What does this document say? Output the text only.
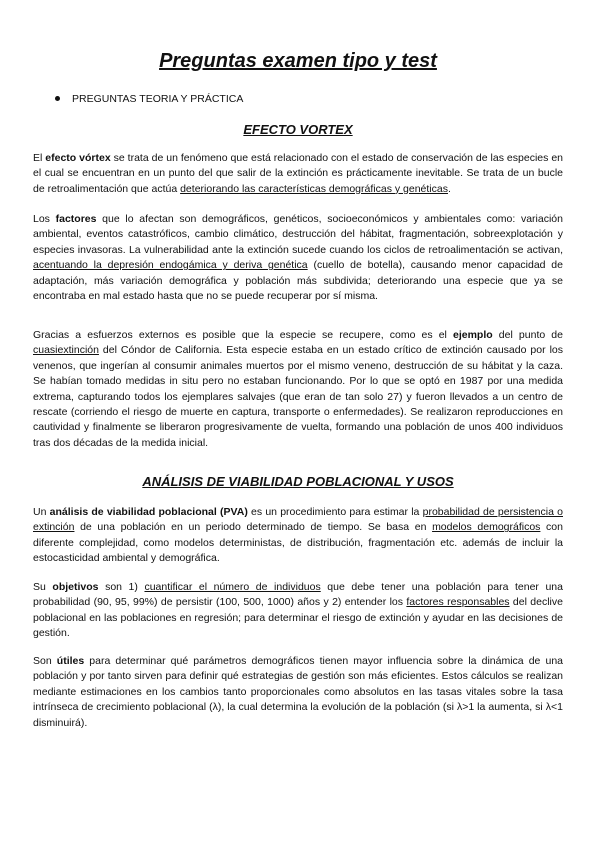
Preguntas examen tipo y test
PREGUNTAS TEORIA Y PRÁCTICA
EFECTO VORTEX

El efecto vórtex se trata de un fenómeno que está relacionado con el estado de conservación de las especies en el cual se encuentran en un punto del que salir de la extinción es prácticamente inevitable. Se trata de un bucle de retroalimentación que actúa deteriorando las características demográficas y genéticas.

Los factores que lo afectan son demográficos, genéticos, socioeconómicos y ambientales como: variación ambiental, eventos catastróficos, cambio climático, destrucción del hábitat, fragmentación, sobreexplotación y especies invasoras. La vulnerabilidad ante la extinción sucede cuando los ciclos de retroalimentación se activan, acentuando la depresión endogámica y deriva genética (cuello de botella), causando menor capacidad de adaptación, más variación demográfica y población más subdivida; deteriorando una especie que ya se encontraba en mal estado hasta que no se puede recuperar por sí misma.

Gracias a esfuerzos externos es posible que la especie se recupere, como es el ejemplo del punto de cuasiextinción del Cóndor de California. Esta especie estaba en un estado crítico de extinción causado por los venenos, que ingerían al consumir animales muertos por el mismo veneno, destrucción de su hábitat y la caza. Se habían tomado medidas in situ pero no estaban funcionando. Por lo que se optó en 1987 por una medida extrema, capturando todos los ejemplares salvajes (que eran de tan solo 27) y fueron llevados a un centro de rescate (corriendo el riesgo de muerte en captura, transporte o enfermedades). Se realizaron reproducciones en cautividad y finalmente se liberaron progresivamente de vuelta, formando una población de unos 400 individuos tras dos décadas de la medida inicial.

ANÁLISIS DE VIABILIDAD POBLACIONAL Y USOS

Un análisis de viabilidad poblacional (PVA) es un procedimiento para estimar la probabilidad de persistencia o extinción de una población en un periodo determinado de tiempo. Se basa en modelos demográficos con diferente complejidad, como modelos deterministas, de distribución, fragmentación etc. además de incluir la estocasticidad ambiental y demográfica.

Su objetivos son 1) cuantificar el número de individuos que debe tener una población para tener una probabilidad (90, 95, 99%) de persistir (100, 500, 1000) años y 2) entender los factores responsables del declive poblacional en las poblaciones en regresión; para determinar el riesgo de extinción y ayudar en las decisiones de gestión.

Son útiles para determinar qué parámetros demográficos tienen mayor influencia sobre la dinámica de una población y por tanto sirven para definir qué estrategias de gestión son más eficientes. Estos cálculos se realizan mediante estimaciones en los cambios tanto proporcionales como absolutos en las tasas vitales sobre la tasa intrínseca de crecimiento poblacional (λ), la cual determina la evolución de la población (si λ>1 la aumenta, si λ<1 disminuirá).
